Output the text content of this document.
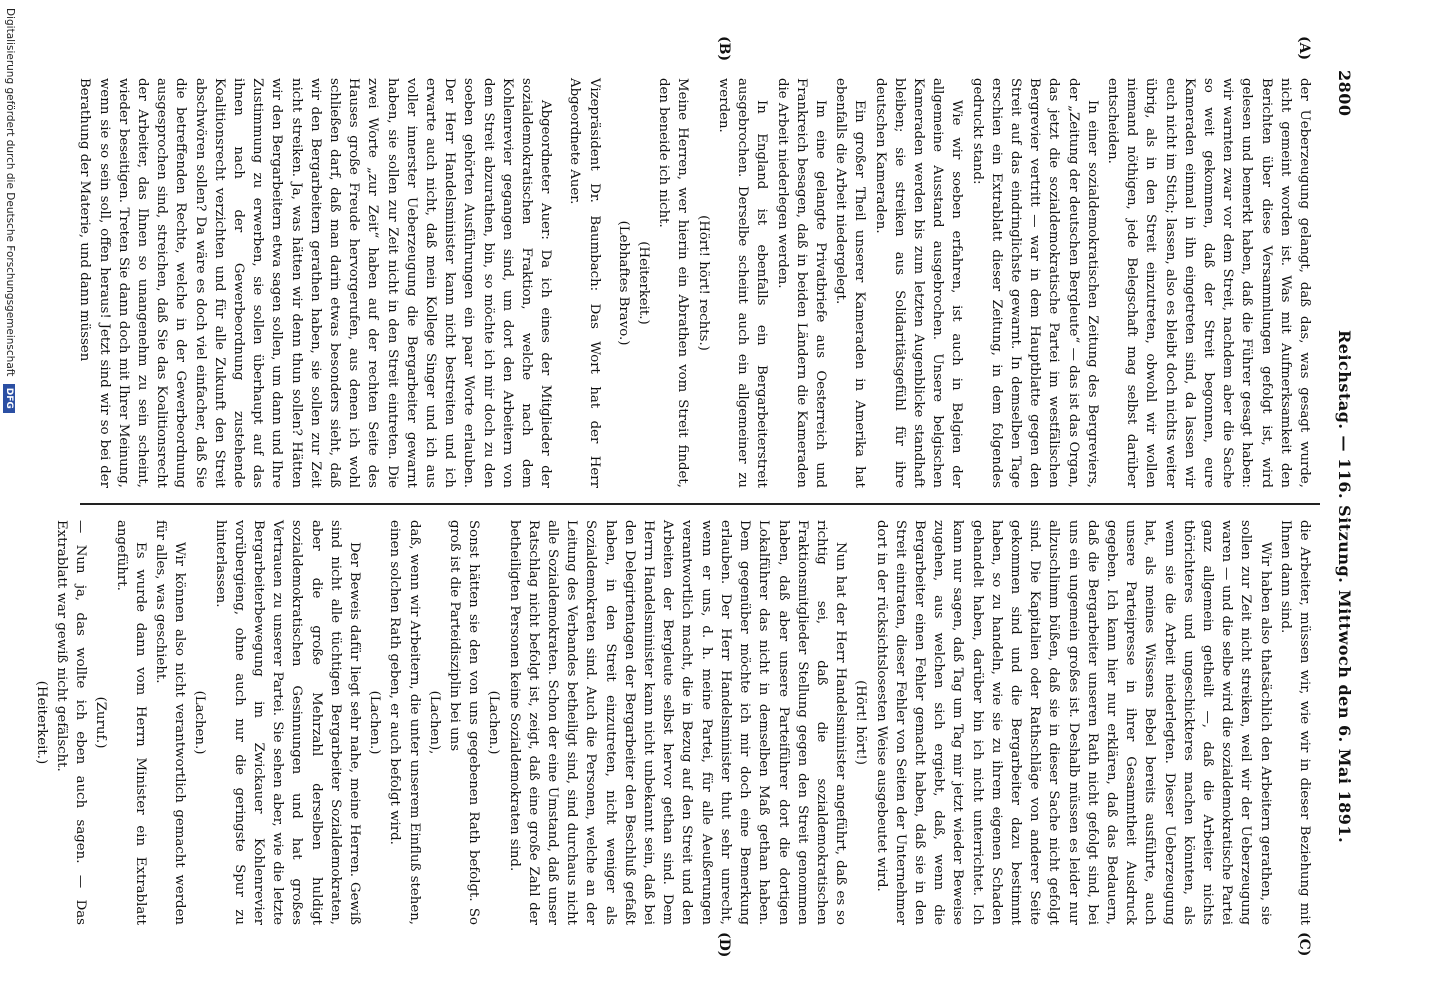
2800
Reichstag. — 116. Sitzung.
Mittwoch den 6. Mai 1891.
(A)
(B)
(C)
(D)

der Ueberzeugung gelangt, daß das, was gesagt wurde, nicht gemeint worden ist. Was mit Aufmerksamkeit den Berichten über diese Versammlungen gefolgt ist, wird gelesen und bemerkt haben, daß die Führer gesagt haben: wir warnten zwar vor dem Streit, nachdem aber die Sache so weit gekommen, daß der Streit begonnen, eure Kameraden einmal in ihn eingetreten sind, da lassen wir euch nicht im Stich; lassen, also es bleibt doch nichts weiter übrig, als in den Streit einzutreten, obwohl wir wollen niemand nöthigen, jede Belegschaft mag selbst darüber entscheiden.

In einer sozialdemokratischen Zeitung des Bergreviers, der „Zeitung der deutschen Bergleute“ — das ist das Organ, das jetzt die sozialdemokratische Partei im westfälischen Bergrevier vertritt — war in dem Hauptblatte gegen den Streit auf das eindringlichste gewarnt. In demselben Tage erschien ein Extrablatt dieser Zeitung, in dem folgendes gedruckt stand:

Wie wir soeben erfahren, ist auch in Belgien der allgemeine Ausstand ausgebrochen. Unsere belgischen Kameraden werden bis zum letzten Augenblicke standhaft bleiben; sie streiken aus Solidaritätsgefühl für ihre deutschen Kameraden.

Ein großer Theil unserer Kameraden in Amerika hat ebenfalls die Arbeit niedergelegt.

Im eine gelangte Privatbriefe aus Oesterreich und Frankreich besagen, daß in beiden Ländern die Kameraden die Arbeit niederlegen werden.

In England ist ebenfalls ein Bergarbeiterstreit ausgebrochen. Derselbe scheint auch ein allgemeiner zu werden.

(Hört! hört! rechts.)

Meine Herren, wer hierin ein Abrathen vom Streit findet, den beneide ich nicht.

(Heiterkeit.)

(Lebhaftes Bravo.)

Vizepräsident Dr. Baumbach: Das Wort hat der Herr Abgeordnete Auer.

Abgeordneter Auer: Da ich eines der Mitglieder der sozialdemokratischen Fraktion, welche nach dem Kohlenrevier gegangen sind, um dort den Arbeitern von dem Streit abzurathen, bin, so möchte ich mir doch zu den soeben gehörten Ausführungen ein paar Worte erlauben. Der Herr Handelsminister kann nicht bestreiten und ich erwarte auch nicht, daß mein Kollege Singer und ich aus voller innerster Ueberzeugung die Bergarbeiter gewarnt haben, sie sollen zur Zeit nicht in den Streit eintreten. Die zwei Worte „zur Zeit“ haben auf der rechten Seite des Hauses große Freude hervorgerufen, aus denen ich wohl schließen darf, daß man darin etwas besonders sieht, daß wir den Bergarbeitern gerathen haben, sie sollen zur Zeit nicht streiken. Ja, was hätten wir denn thun sollen? Hätten wir den Bergarbeitern etwa sagen sollen, um dann und Ihre Zustimmung zu erwerben, sie sollen überhaupt auf das ihnen nach der Gewerbeordnung zustehende Koalitionsrecht verzichten und für alle Zukunft den Streit abschwören sollen? Da wäre es doch viel einfacher, daß Sie die betreffenden Rechte, welche in der Gewerbeordnung ausgesprochen sind, streichen, daß Sie das Koalitionsrecht der Arbeiter, das Ihnen so unangenehm zu sein scheint, wieder beseitigen. Treten Sie dann doch mit Ihrer Meinung, wenn sie so sein soll, offen heraus! Jetzt sind wir so bei der Berathung der Materie, und dann müssen

die Arbeiter, müssen wir, wie wir in dieser Beziehung mit Ihnen dann sind.

Wir haben also thatsächlich den Arbeitern gerathen, sie sollen zur Zeit nicht streiken, weil wir der Ueberzeugung waren — und die selbe wird die sozialdemokratische Partei ganz allgemein getheilt —, daß die Arbeiter nichts thörichteres und ungeschickteres machen könnten, als wenn sie die Arbeit niederlegten. Dieser Ueberzeugung hat, als meines Wissens Bebel bereits ausführte, auch unsere Parteipresse in ihrer Gesammtheit Ausdruck gegeben. Ich kann hier nur erklären, daß das Bedauern, daß die Bergarbeiter unseren Rath nicht gefolgt sind, bei uns ein ungemein großes ist. Deshalb müssen es leider nur allzuschlimm büßen, daß sie in dieser Sache nicht gefolgt sind. Die Kapitalien oder Rathschläge von anderer Seite gekommen sind und die Bergarbeiter dazu bestimmt haben, so zu handeln, wie sie zu ihrem eigenen Schaden gehandelt haben, darüber bin ich nicht unterrichtet. Ich kann nur sagen, daß Tag um Tag mir jetzt wieder Beweise zugehen, aus welchen sich ergiebt, daß, wenn die Bergarbeiter einen Fehler gemacht haben, daß sie in den Streit eintraten, dieser Fehler von Seiten der Unternehmer dort in der rücksichtslosesten Weise ausgebeutet wird.

(Hört! hört!)

Nun hat der Herr Handelsminister angeführt, daß es so richtig sei, daß die sozialdemokratischen Fraktionsmitglieder Stellung gegen den Streit genommen haben, daß aber unsere Parteiführer dort die dortigen Lokalführer das nicht in demselben Maß gethan haben. Dem gegenüber möchte ich mir doch eine Bemerkung erlauben. Der Herr Handelsminister thut sehr unrecht, wenn er uns, d. h. meine Partei, für alle Aeußerungen verantwortlich macht, die in Bezug auf den Streit und den Arbeiten der Bergleute selbst hervor gethan sind. Dem Herrn Handelsminister kann nicht unbekannt sein, daß bei den Delegirtentagen der Bergarbeiter den Beschluß gefaßt haben, in den Streit einzutreten, nicht weniger als Sozialdemokraten sind. Auch die Personen, welche an der Leitung des Verbandes betheiligt sind, sind durchaus nicht alle Sozialdemokraten. Schon der eine Umstand, daß unser Ratschlag nicht befolgt ist, zeigt, daß eine große Zahl der betheiligten Personen keine Sozialdemokraten sind.

(Lachen.)

Sonst hätten sie den von uns gegebenen Rath befolgt. So groß ist die Parteidisziplin bei uns

(Lachen),

daß, wenn wir Arbeitern, die unter unserem Einfluß stehen, einen solchen Rath geben, er auch befolgt wird.

(Lachen.)

Der Beweis dafür liegt sehr nahe, meine Herren. Gewiß sind nicht alle tüchtigen Bergarbeiter Sozialdemokraten, aber die große Mehrzahl derselben huldigt sozialdemokratischen Gesinnungen und hat großes Vertrauen zu unserer Partei. Sie sehen aber, wie die letzte Bergarbeiterbewegung im Zwickauer Kohlenrevier vorübergieng, ohne auch nur die geringste Spur zu hinterlassen.

(Lachen.)

Wir können also nicht verantwortlich gemacht werden für alles, was geschieht.

Es wurde dann vom Herrn Minister ein Extrablatt angeführt.

(Zuruf.)

— Nun ja, das wollte ich eben auch sagen. — Das Extrablatt war gewiß nicht gefälscht.

(Heiterkeit.)

Digitalisierung gefördert durch die Deutsche Forschungsgemeinschaft DFG
